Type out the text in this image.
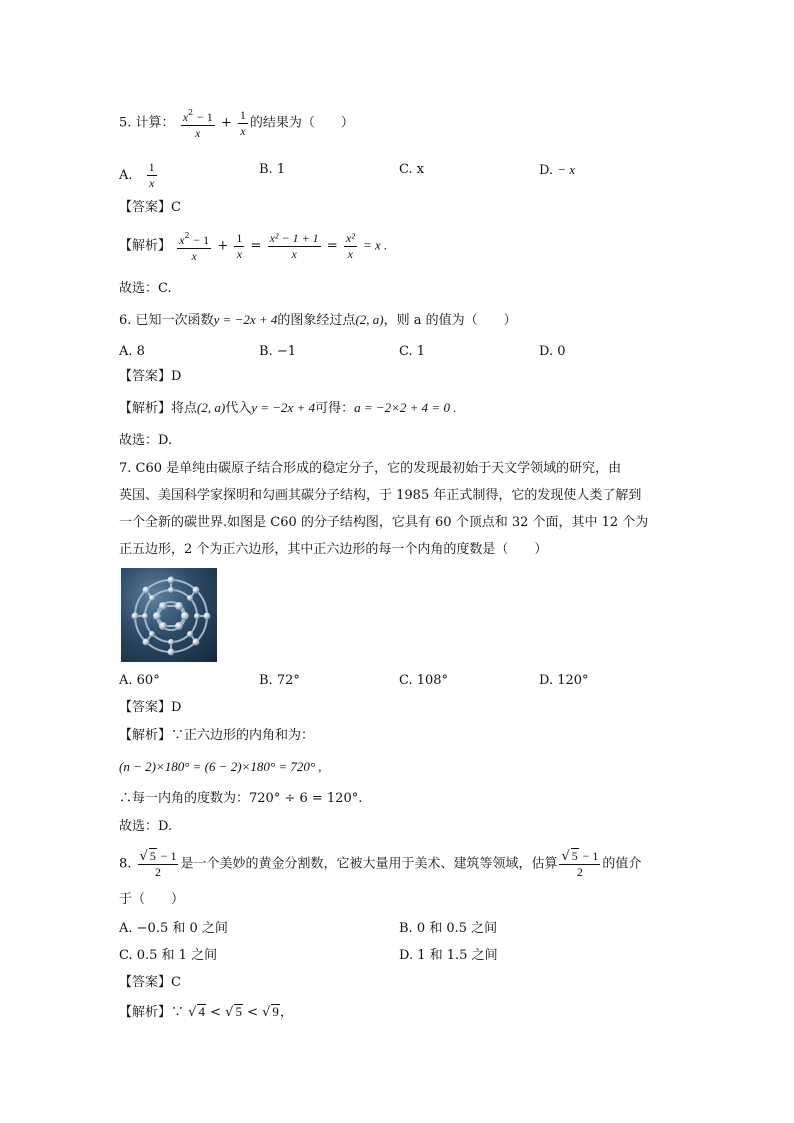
5. 计算： $\frac{x^2 - 1}{x} + \frac{1}{x}$ 的结果为（　　）
A. $\frac{1}{x}$	B. 1	C. x	D. − x
【答案】C
【解析】 $\frac{x^2 - 1}{x} + \frac{1}{x} = \frac{\text{x² − 1 + 1}}{x} = \frac{\text{x²}}{x} = x$ .
故选：C.
6. 已知一次函数y = −2x + 4的图象经过点(2, a)，则 a 的值为（　　）
A. 8	B. −1	C. 1	D. 0
【答案】D
【解析】将点(2, a)代入y = −2x + 4可得：a = −2×2 + 4 = 0 .
故选：D.
7. C60 是单纯由碳原子结合形成的稳定分子，它的发现最初始于天文学领域的研究，由
英国、美国科学家探明和勾画其碳分子结构，于 1985 年正式制得，它的发现使人类了解到
一个全新的碳世界.如图是 C60 的分子结构图，它具有 60 个顶点和 32 个面，其中 12 个为
正五边形，2 个为正六边形，其中正六边形的每一个内角的度数是（　　）
A. 60°	B. 72°	C. 108°	D. 120°
【答案】D
【解析】∵正六边形的内角和为：
(n − 2)×180° = (6 − 2)×180° = 720° ,
∴每一内角的度数为：720° ÷ 6 = 120°.
故选：D.
8. $\frac{√ 5 - 1}{2}$ 是一个美妙的黄金分割数，它被大量用于美术、建筑等领域，估算 $\frac{√ 5 - 1}{2}$ 的值介
于（　　）
A. −0.5 和 0 之间	B. 0 和 0.5 之间
C. 0.5 和 1 之间	D. 1 和 1.5 之间
【答案】C
【解析】∵ √ 4 < √ 5 < √ 9，
